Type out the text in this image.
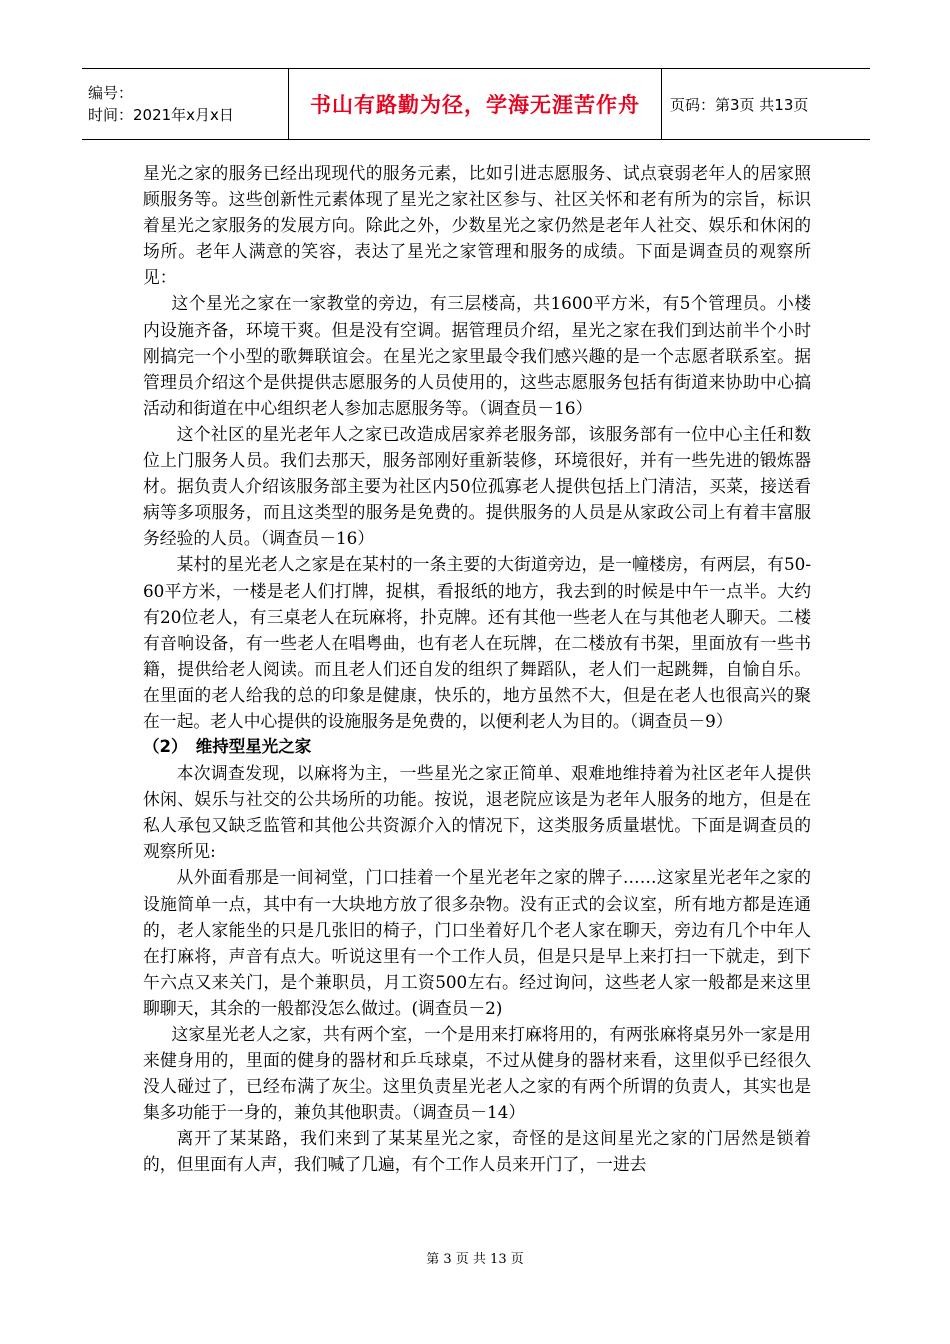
编号：
时间：2021年x月x日	书山有路勤为径，学海无涯苦作舟 页码：第3页 共13页

星光之家的服务已经出现现代的服务元素，比如引进志愿服务、试点衰弱老年人的居家照顾服务等。这些创新性元素体现了星光之家社区参与、社区关怀和老有所为的宗旨，标识着星光之家服务的发展方向。除此之外，少数星光之家仍然是老年人社交、娱乐和休闲的场所。老年人满意的笑容，表达了星光之家管理和服务的成绩。下面是调查员的观察所见：

这个星光之家在一家教堂的旁边，有三层楼高，共1600平方米，有5个管理员。小楼内设施齐备，环境干爽。但是没有空调。据管理员介绍，星光之家在我们到达前半个小时刚搞完一个小型的歌舞联谊会。在星光之家里最令我们感兴趣的是一个志愿者联系室。据管理员介绍这个是供提供志愿服务的人员使用的，这些志愿服务包括有街道来协助中心搞活动和街道在中心组织老人参加志愿服务等。（调查员－16）

这个社区的星光老年人之家已改造成居家养老服务部，该服务部有一位中心主任和数位上门服务人员。我们去那天，服务部刚好重新装修，环境很好，并有一些先进的锻炼器材。据负责人介绍该服务部主要为社区内50位孤寡老人提供包括上门清洁，买菜，接送看病等多项服务，而且这类型的服务是免费的。提供服务的人员是从家政公司上有着丰富服务经验的人员。（调查员－16）

某村的星光老人之家是在某村的一条主要的大街道旁边，是一幢楼房，有两层，有50-60平方米，一楼是老人们打牌，捉棋，看报纸的地方，我去到的时候是中午一点半。大约有20位老人，有三桌老人在玩麻将，扑克牌。还有其他一些老人在与其他老人聊天。二楼有音响设备，有一些老人在唱粤曲，也有老人在玩牌，在二楼放有书架，里面放有一些书籍，提供给老人阅读。而且老人们还自发的组织了舞蹈队，老人们一起跳舞，自愉自乐。在里面的老人给我的总的印象是健康，快乐的，地方虽然不大，但是在老人也很高兴的聚在一起。老人中心提供的设施服务是免费的，以便利老人为目的。（调查员－9）

（2）　维持型星光之家

本次调查发现，以麻将为主，一些星光之家正简单、艰难地维持着为社区老年人提供休闲、娱乐与社交的公共场所的功能。按说，退老院应该是为老年人服务的地方，但是在私人承包又缺乏监管和其他公共资源介入的情况下，这类服务质量堪忧。下面是调查员的观察所见:

从外面看那是一间祠堂，门口挂着一个星光老年之家的牌子……这家星光老年之家的设施简单一点，其中有一大块地方放了很多杂物。没有正式的会议室，所有地方都是连通的，老人家能坐的只是几张旧的椅子，门口坐着好几个老人家在聊天，旁边有几个中年人在打麻将，声音有点大。听说这里有一个工作人员，但是只是早上来打扫一下就走，到下午六点又来关门，是个兼职员，月工资500左右。经过询问，这些老人家一般都是来这里聊聊天，其余的一般都没怎么做过。(调查员－2)

这家星光老人之家，共有两个室，一个是用来打麻将用的，有两张麻将桌另外一家是用来健身用的，里面的健身的器材和乒乓球桌，不过从健身的器材来看，这里似乎已经很久没人碰过了，已经布满了灰尘。这里负责星光老人之家的有两个所谓的负责人，其实也是集多功能于一身的，兼负其他职责。（调查员－14）

离开了某某路，我们来到了某某星光之家，奇怪的是这间星光之家的门居然是锁着的，但里面有人声，我们喊了几遍，有个工作人员来开门了，一进去

第 3 页 共 13 页
